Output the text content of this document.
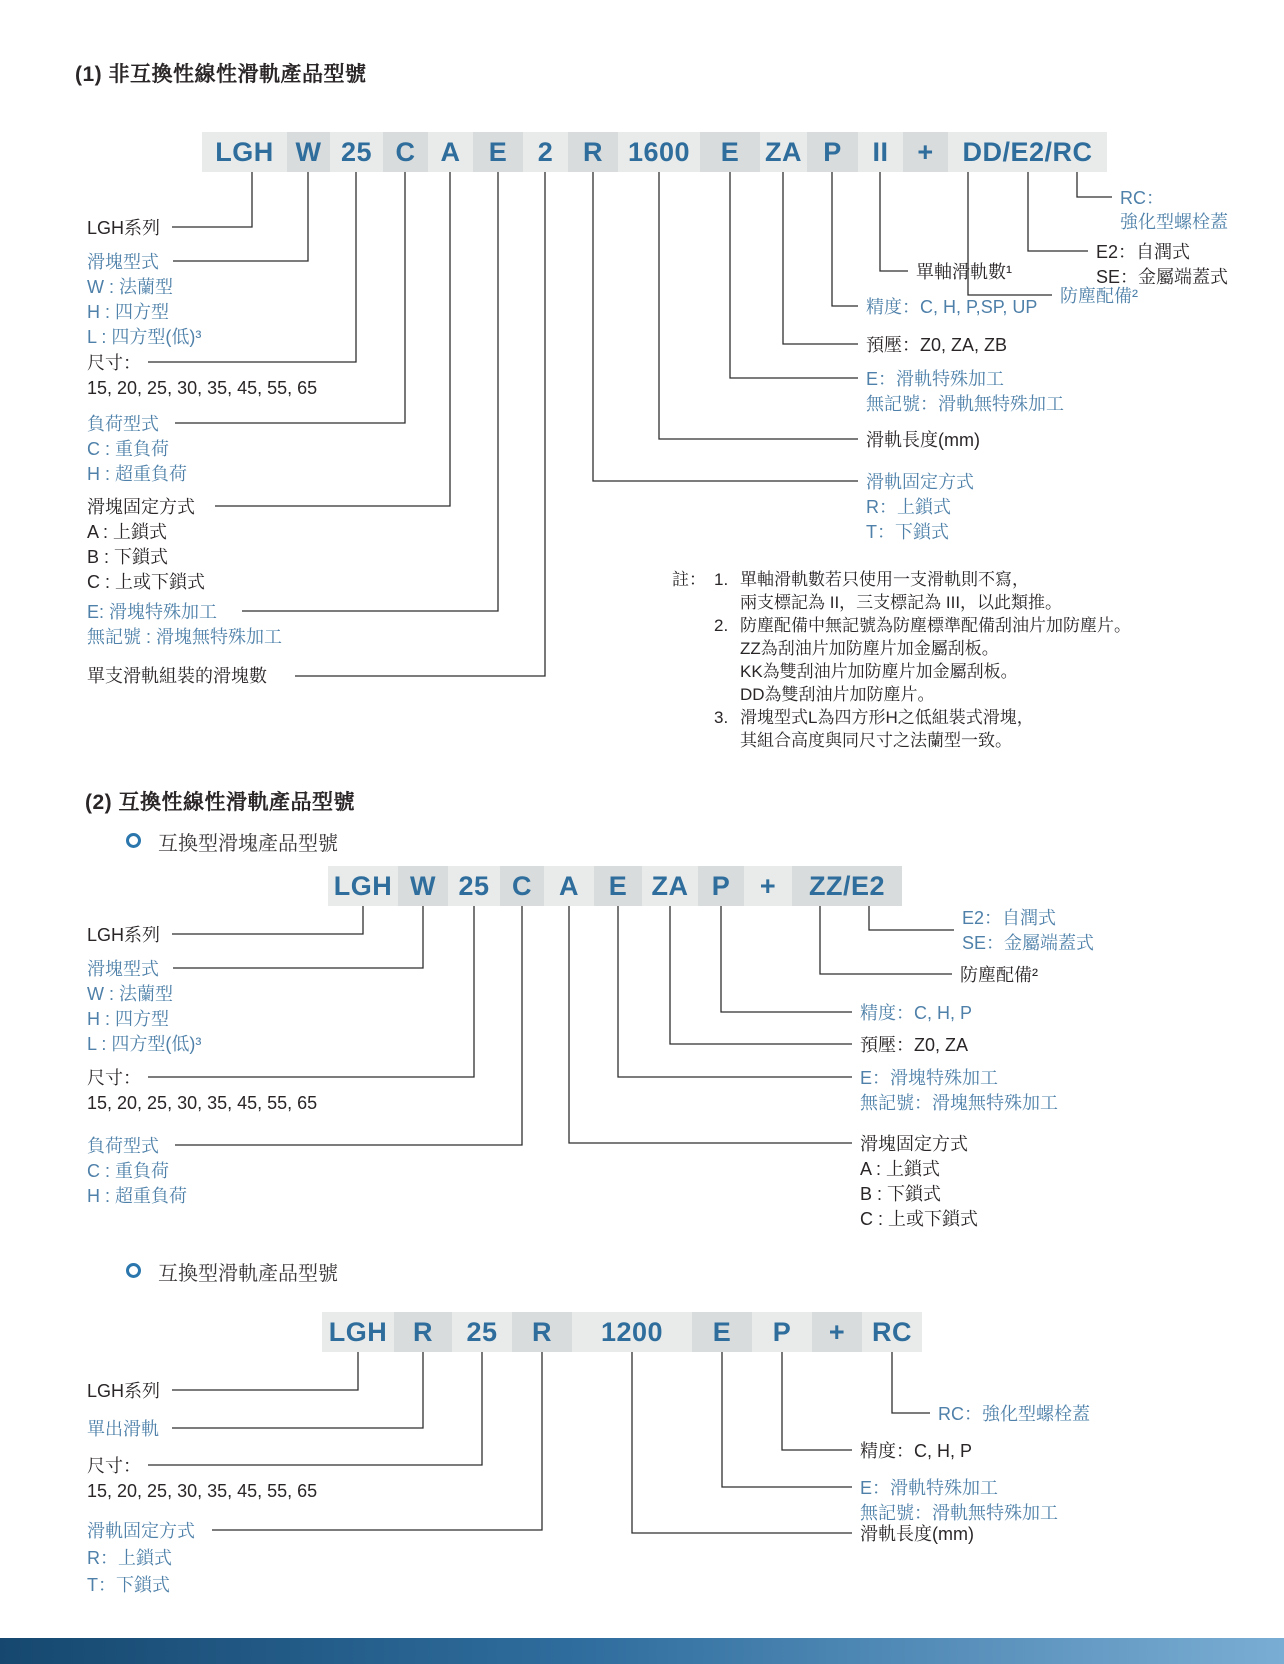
(1) 非互換性線性滑軌產品型號
LGH W 25 C A	E	2	R 1600	E ZA P	II	+	DD/E2/RC
LGH系列
滑塊型式
W : 法蘭型
H : 四方型
L : 四方型(低)³
尺寸：
15, 20, 25, 30, 35, 45, 55, 65
負荷型式
C : 重負荷
H : 超重負荷
滑塊固定方式
A : 上鎖式
B : 下鎖式
C : 上或下鎖式
E: 滑塊特殊加工
無記號 : 滑塊無特殊加工
單支滑軌組裝的滑塊數
RC：
強化型螺栓蓋
E2：自潤式
SE：金屬端蓋式
防塵配備²
單軸滑軌數¹
精度：C, H, P,SP, UP
預壓：Z0, ZA, ZB
E：滑軌特殊加工
無記號：滑軌無特殊加工
滑軌長度(mm)
滑軌固定方式
R：上鎖式
T：下鎖式
註： 1. 單軸滑軌數若只使用一支滑軌則不寫，
兩支標記為 II，三支標記為 III，以此類推。
2. 防塵配備中無記號為防塵標準配備刮油片加防塵片。
ZZ為刮油片加防塵片加金屬刮板。
KK為雙刮油片加防塵片加金屬刮板。
DD為雙刮油片加防塵片。
3. 滑塊型式L為四方形H之低組裝式滑塊，
其組合高度與同尺寸之法蘭型一致。
(2) 互換性線性滑軌產品型號
互換型滑塊產品型號
LGH W 25 C	A	E ZA P	+	ZZ/E2
LGH系列
滑塊型式
W : 法蘭型
H : 四方型
L : 四方型(低)³
尺寸：
15, 20, 25, 30, 35, 45, 55, 65
負荷型式
C : 重負荷
H : 超重負荷
E2：自潤式
SE：金屬端蓋式
防塵配備²
精度：C, H, P
預壓：Z0, ZA
E：滑塊特殊加工
無記號：滑塊無特殊加工
滑塊固定方式
A : 上鎖式
B : 下鎖式
C : 上或下鎖式
互換型滑軌產品型號
LGH R	25	R	1200	E	P	+ RC
LGH系列
單出滑軌
尺寸：
15, 20, 25, 30, 35, 45, 55, 65
滑軌固定方式
R：上鎖式
T：下鎖式
RC：強化型螺栓蓋
精度：C, H, P
E：滑軌特殊加工
無記號：滑軌無特殊加工
滑軌長度(mm)
